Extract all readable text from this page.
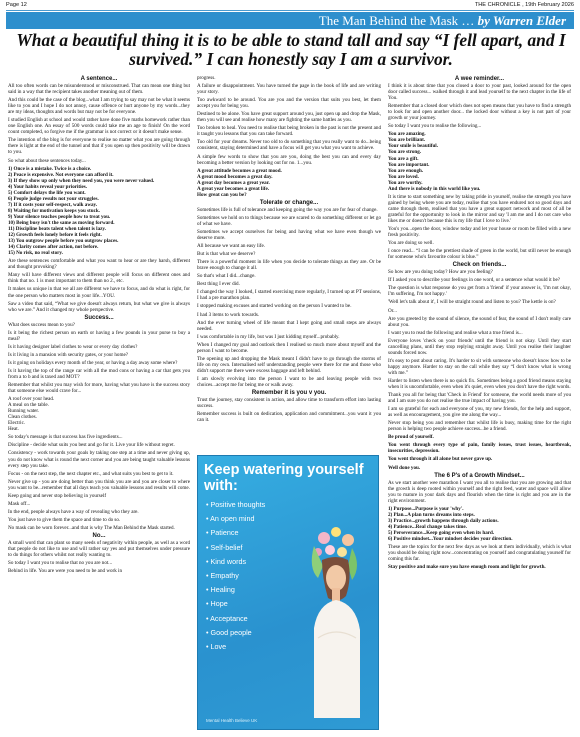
Page 12	THE CHRONICLE , 19th February 2026
The Man Behind the Mask … by Warren Elder
What a beautiful thing it is to be able to stand tall and say “I fell apart, and I survived.” I can honestly say I am a survivor.
A sentence...

All too often words can be misunderstood or misconstrued. That can mean one thing but said in a way that the recipient takes another meaning out of them.

And this could be the case of the blog...what I am trying to say may not be what it seems like to you and I hope I do not annoy, cause offence or hurt anyone by my words...they are my ideas, thoughts and words but may not be for everyone.

I studied English at school and would rather have done five maths homework rather than one English one. An essay of 500 words could take me an age to finish! On the word count completed, so forgive me if the grammar is not correct or it doesn't make sense.

The intention of the blog is for everyone to realise no matter what you are going through there is light at the end of the tunnel and that if you open up then positivity will be drawn to you.

So what about these sentences today...

1) Once is a mistake. Twice is a choice.
2) Peace is expensive. Not everyone can afford it.
3) If they show up only when they need you, you were never valued.
4) Your habits reveal your priorities.
5) Comfort delays the life you want.
6) People judge results not your struggles.
7) If it costs your self-respect, walk away.
8) Waiting for motivation keeps you stuck.
9) Your silence teaches people how to treat you.
10) Being busy isn't the same as moving forward.
11) Discipline beats talent when talent is lazy.
12) Growth feels lonely before it feels right.
13) You outgrow people before you outgrow places.
14) Clarity comes after action, not before.
15) No risk, no real story.

Are these sentences comfortable and what you want to hear or are they harsh, different and thought provoking?

Many will have different views and different people will focus on different ones and think that no. 1 is most important to them than no 2., etc.

It makes us unique in that we all are different we have to focus, and do what is right, for the one person who matters most in your life...YOU.

Saw a video that said, “What we give doesn't always return, but what we give is always who we are.” And it changed my whole perspective.

Success...

What does success mean to you?

Is it being the richest person on earth or having a few pounds in your purse to buy a meal?

Is it having designer label clothes to wear or every day clothes?

Is it living in a mansion with security gates, or your home?

Is it going on holidays every month of the year, or having a day away some where?

Is it having the top of the range car with all the mod cons or having a car that gets you from a to b and is taxed and MOT?

Remember that whilst you may wish for more, having what you have is the success story that someone else would crave for...

A roof over your head.
A meal on the table.
Running water.
Clean clothes.
Electric.
Heat.

So today's message is that success has five ingredients...

Discipline - decide what suits you best and go for it. Live your life without regret.

Consistency - work towards your goals by taking one step at a time and never giving up, you do not know what is round the next corner and you are being taught valuable lessons every step you take.

Focus - on the next step, the next chapter etc., and what suits you best to get to it.

Never give up - you are doing better than you think you are and you are closer to where you want to be...remember that all days teach you valuable lessons and results will come.

Keep going and never stop believing in yourself

Mask off...

In the end, people always have a way of revealing who they are.

You just have to give them the space and time to do so.

No mask can be worn forever...and that is why The Man Behind the Mask started.

No...

A small word that can plant so many seeds of negativity within people, as well as a word that people do not like to use and will rather say yes and put themselves under pressure to do things for others whilst not really wanting to.

So today I want you to realise that no you are not...

Behind in life. You are were you need to be and work in

progress.

A failure or disappointment. You have turned the page in the book of life and are writing your story.

Too awkward to be around. You are you and the version that suits you best, let them accept you for being you.

Destined to be alone. You have great support around you, just open up and drop the Mask, then you will see and realise how many are fighting the same battles as you.

Too broken to heal. You need to realise that being broken in the past is not the present and it taught you lessons that you can take forward.

Too old for your dreams. Never too old to do something that you really want to do...being consistent, staying determined and have a focus will get you what you want to achieve.

A simple few words to show that you are you, doing the best you can and every day becoming a better version by looking out for no. 1...you.

A great attitude becomes a great mood.
A great mood becomes a great day.
A great day becomes a great year.
A great year becomes a great life.
How great can you be?

Tolerate or change...

Sometimes life is full of tolerance and keeping going the way you are for fear of change.

Sometimes we hold on to things because we are scared to do something different or let go of what we have.

Sometimes we accept ourselves for being and having what we have even though we deserve more.

All because we want an easy life.

But is that what we deserve?

There is a powerful moment in life when you decide to tolerate things as they are. Or be brave enough to change it all.

So that's what I did...change.

Best thing I ever did.

I changed the way I looked, I started exercising more regularly, I turned up at PT sessions, I had a pre marathon plan.

I stopped making excuses and started working on the person I wanted to be.

I had 3 items to work towards.

And the ever turning wheel of life meant that I kept going and small steps are always needed.

I was comfortable in my life, but was I just kidding myself...probably.

When I changed my goal and outlook then I realised so much more about myself and the person I want to become.

The opening up and dropping the Mask meant I didn't have to go through the storms of life on my own. Internalised self understanding people were there for me and those who didn't support me there were excess baggage and left behind.

I am slowly evolving into the person I want to be and leaving people with two choices...accept me for being me or walk away.

Remember it is you v you.

Trust the journey, stay consistent in action, and allow time to transform effort into lasting success.

Remember success is built on dedication, application and commitment...you want it you can it.

Keep watering yourself with:
• Positive thoughts
• An open mind
• Patience
• Self-belief
• Kind words
• Empathy
• Healing
• Hope
• Acceptance
• Good people
• Love
Mental Health Believe UK
A wee reminder...

I think it is about time that you closed a door to your past, looked around for the open door called success... walked through it and lead yourself to the next chapter in the life of You.

Remember that a closed door which does not open means that you have to find a strength to look for and open another door... the locked door without a key is not part of your growth or your journey.

So today I want you to realise the following...

You are amazing.
You are brilliant.
Your smile is beautiful.
You are strong.
You are a gift.
You are important.
You are enough.
You are loved.
You are worthy.
And there is nobody in this world like you.

It is time to start something new by taking pride in yourself, realise the strength you have gained by being where you are today, realise that you have endured not so good days and came through them, realised that you have a great support network and most of all be grateful for the opportunity to look in the mirror and say 'I am me and I do not care who likes me or doesn't because this is my life that I love to live.'

You's you...open the door, window today and let your house or room be filled with a new fresh positivity.

You are doing so well.

I once read... “I can be the prettiest shade of green in the world, but still never be enough for someone who's favourite colour is blue.”

Check on friends...

So how are you doing today? How are you feeling?

If I asked you to describe your feelings in one word, or a sentence what would it be?

The question is what response do you get from a 'friend' if your answer is, 'I'm not okay, I'm suffering, I'm not happy.'

'Well let's talk about it', I will be straight round and listen to you? The kettle is on?

Or...

Are you greeted by the sound of silence, the sound of fear, the sound of I don't really care about you.

I want you to read the following and realise what a true friend is...

Everyone loves 'check on your friends' until the friend is not okay. Until they start cancelling plans, until they stop replying straight away. Until you realise their laughter sounds forced now.

It's easy to post about caring. It's harder to sit with someone who doesn't know how to be happy anymore. Harder to stay on the call while they say “I don't know what is wrong with me.”

Harder to listen when there is no quick fix. Sometimes being a good friend means staying when it is uncomfortable, even when it's quiet, even when you don't have the right words.

Thank you all for being that 'Check in Friend' for someone, the world needs more of you and I am sure you do not realise the true impact of having you.

I am so grateful for each and everyone of you, my new friends, for the help and support, as well as encouragement, you give me along the way...

Never stop being you and remember that whilst life is busy, making time for the right person is helping two people achieve success...be a friend.

Be proud of yourself.

You went through every type of pain, family issues, trust issues, heartbreak, insecurities, depression.

You went through it all alone but never gave up.

Well done you.

The 6 P's of a Growth Mindset...

As we start another wee marathon I want you all to realise that you are growing and that the growth is deep rooted within yourself and the right feed, water and space will allow you to mature in your dark days and flourish when the time is right and you are in the right environment.

1) Purpose...Purpose is your 'why'.
2) Plan...A plan turns dreams into steps.
3) Practice...growth happens through daily actions.
4) Patience...Real change takes time.
5) Perseverance...Keep going even when its hard.
6) Positive mindset...Your mindset decides your direction.

These are the topics for the next few days as we look at them individually, which is what you should be doing right now...concentrating on yourself and congratulating yourself for coming this far.

Stay positive and make sure you have enough room and light for growth.
